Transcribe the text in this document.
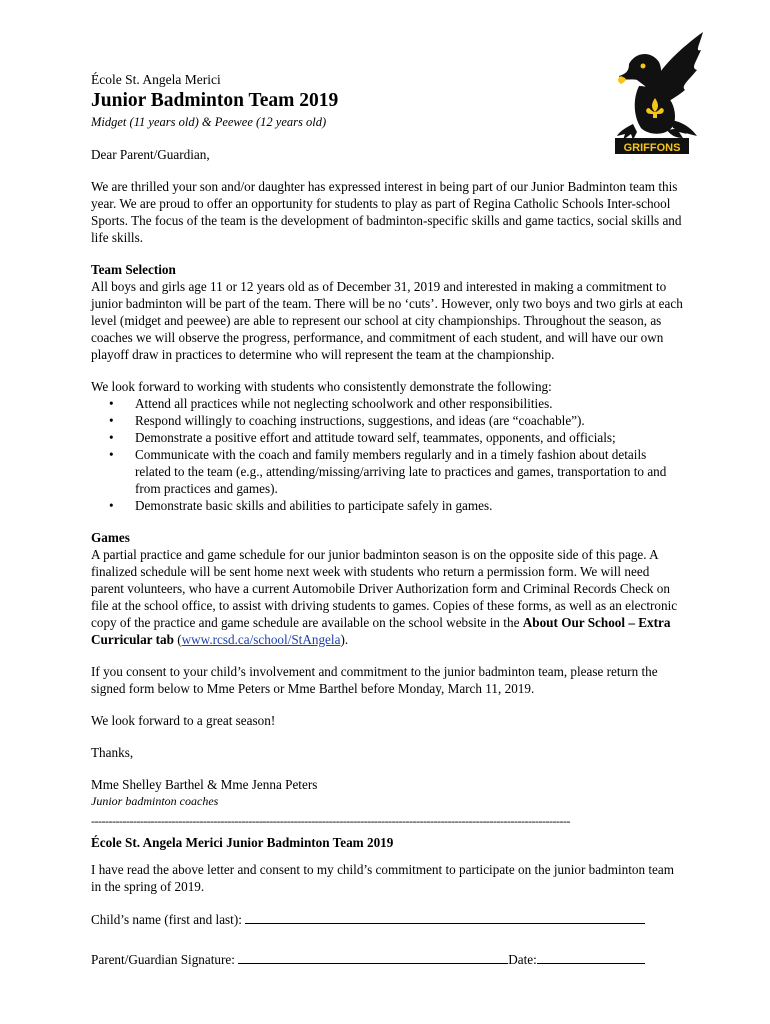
École St. Angela Merici
Junior Badminton Team 2019
Midget (11 years old) & Peewee (12 years old)
GRIFFONS

Dear Parent/Guardian,

We are thrilled your son and/or daughter has expressed interest in being part of our Junior Badminton team this year. We are proud to offer an opportunity for students to play as part of Regina Catholic Schools Inter-school Sports. The focus of the team is the development of badminton-specific skills and game tactics, social skills and life skills.

Team Selection
All boys and girls age 11 or 12 years old as of December 31, 2019 and interested in making a commitment to junior badminton will be part of the team. There will be no ‘cuts’. However, only two boys and two girls at each level (midget and peewee) are able to represent our school at city championships. Throughout the season, as coaches we will observe the progress, performance, and commitment of each student, and will have our own playoff draw in practices to determine who will represent the team at the championship.

We look forward to working with students who consistently demonstrate the following:
• Attend all practices while not neglecting schoolwork and other responsibilities.
• Respond willingly to coaching instructions, suggestions, and ideas (are “coachable”).
• Demonstrate a positive effort and attitude toward self, teammates, opponents, and officials;
• Communicate with the coach and family members regularly and in a timely fashion about details related to the team (e.g., attending/missing/arriving late to practices and games, transportation to and from practices and games).
• Demonstrate basic skills and abilities to participate safely in games.

Games
A partial practice and game schedule for our junior badminton season is on the opposite side of this page. A finalized schedule will be sent home next week with students who return a permission form. We will need parent volunteers, who have a current Automobile Driver Authorization form and Criminal Records Check on file at the school office, to assist with driving students to games. Copies of these forms, as well as an electronic copy of the practice and game schedule are available on the school website in the About Our School – Extra Curricular tab (www.rcsd.ca/school/StAngela).

If you consent to your child’s involvement and commitment to the junior badminton team, please return the signed form below to Mme Peters or Mme Barthel before Monday, March 11, 2019.

We look forward to a great season!

Thanks,

Mme Shelley Barthel & Mme Jenna Peters
Junior badminton coaches
-----------------------------------------------------------------------------------------------------------------------------------------
École St. Angela Merici Junior Badminton Team 2019

I have read the above letter and consent to my child’s commitment to participate on the junior badminton team in the spring of 2019.

Child’s name (first and last):
Parent/Guardian Signature:	Date:
